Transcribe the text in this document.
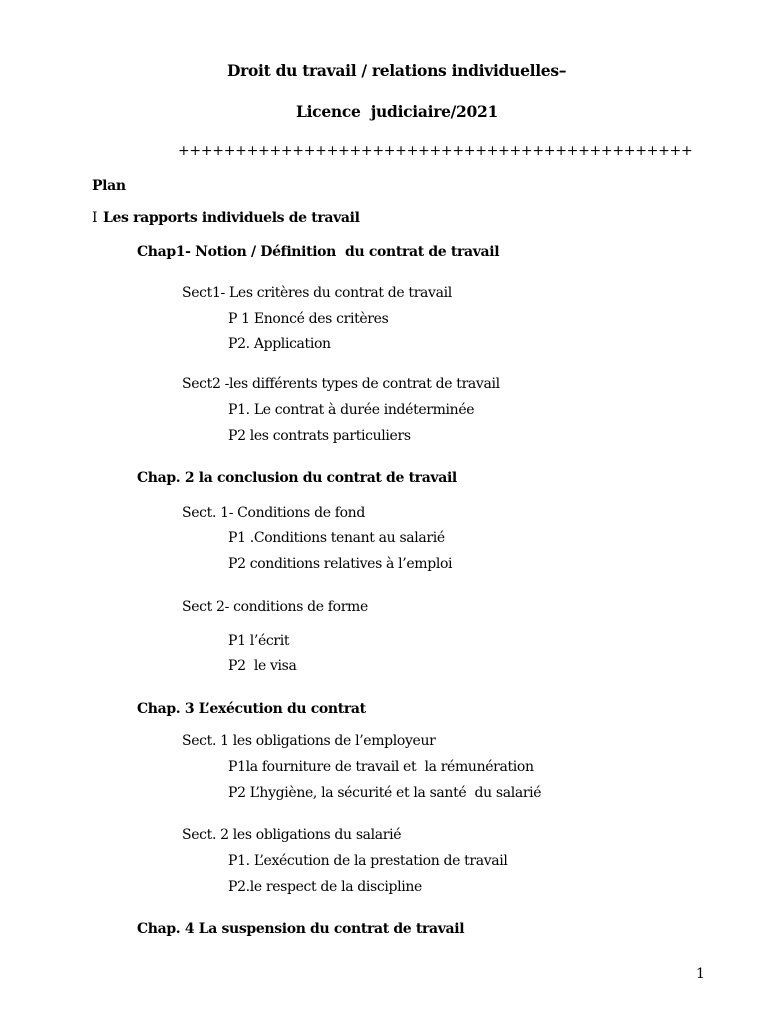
Droit du travail / relations individuelles–
Licence  judiciaire/2021
+++++++++++++++++++++++++++++++++++++++++++++
Plan
I Les rapports individuels de travail
Chap1- Notion / Définition  du contrat de travail
Sect1- Les critères du contrat de travail
P 1 Enoncé des critères
P2. Application
Sect2 -les différents types de contrat de travail
P1. Le contrat à durée indéterminée
P2 les contrats particuliers
Chap. 2 la conclusion du contrat de travail
Sect. 1- Conditions de fond
P1 .Conditions tenant au salarié
P2 conditions relatives à l’emploi
Sect 2- conditions de forme
P1 l’écrit
P2  le visa
Chap. 3 L’exécution du contrat
Sect. 1 les obligations de l’employeur
P1la fourniture de travail et  la rémunération
P2 L’hygiène, la sécurité et la santé  du salarié
Sect. 2 les obligations du salarié
P1. L’exécution de la prestation de travail
P2.le respect de la discipline
Chap. 4 La suspension du contrat de travail
1
